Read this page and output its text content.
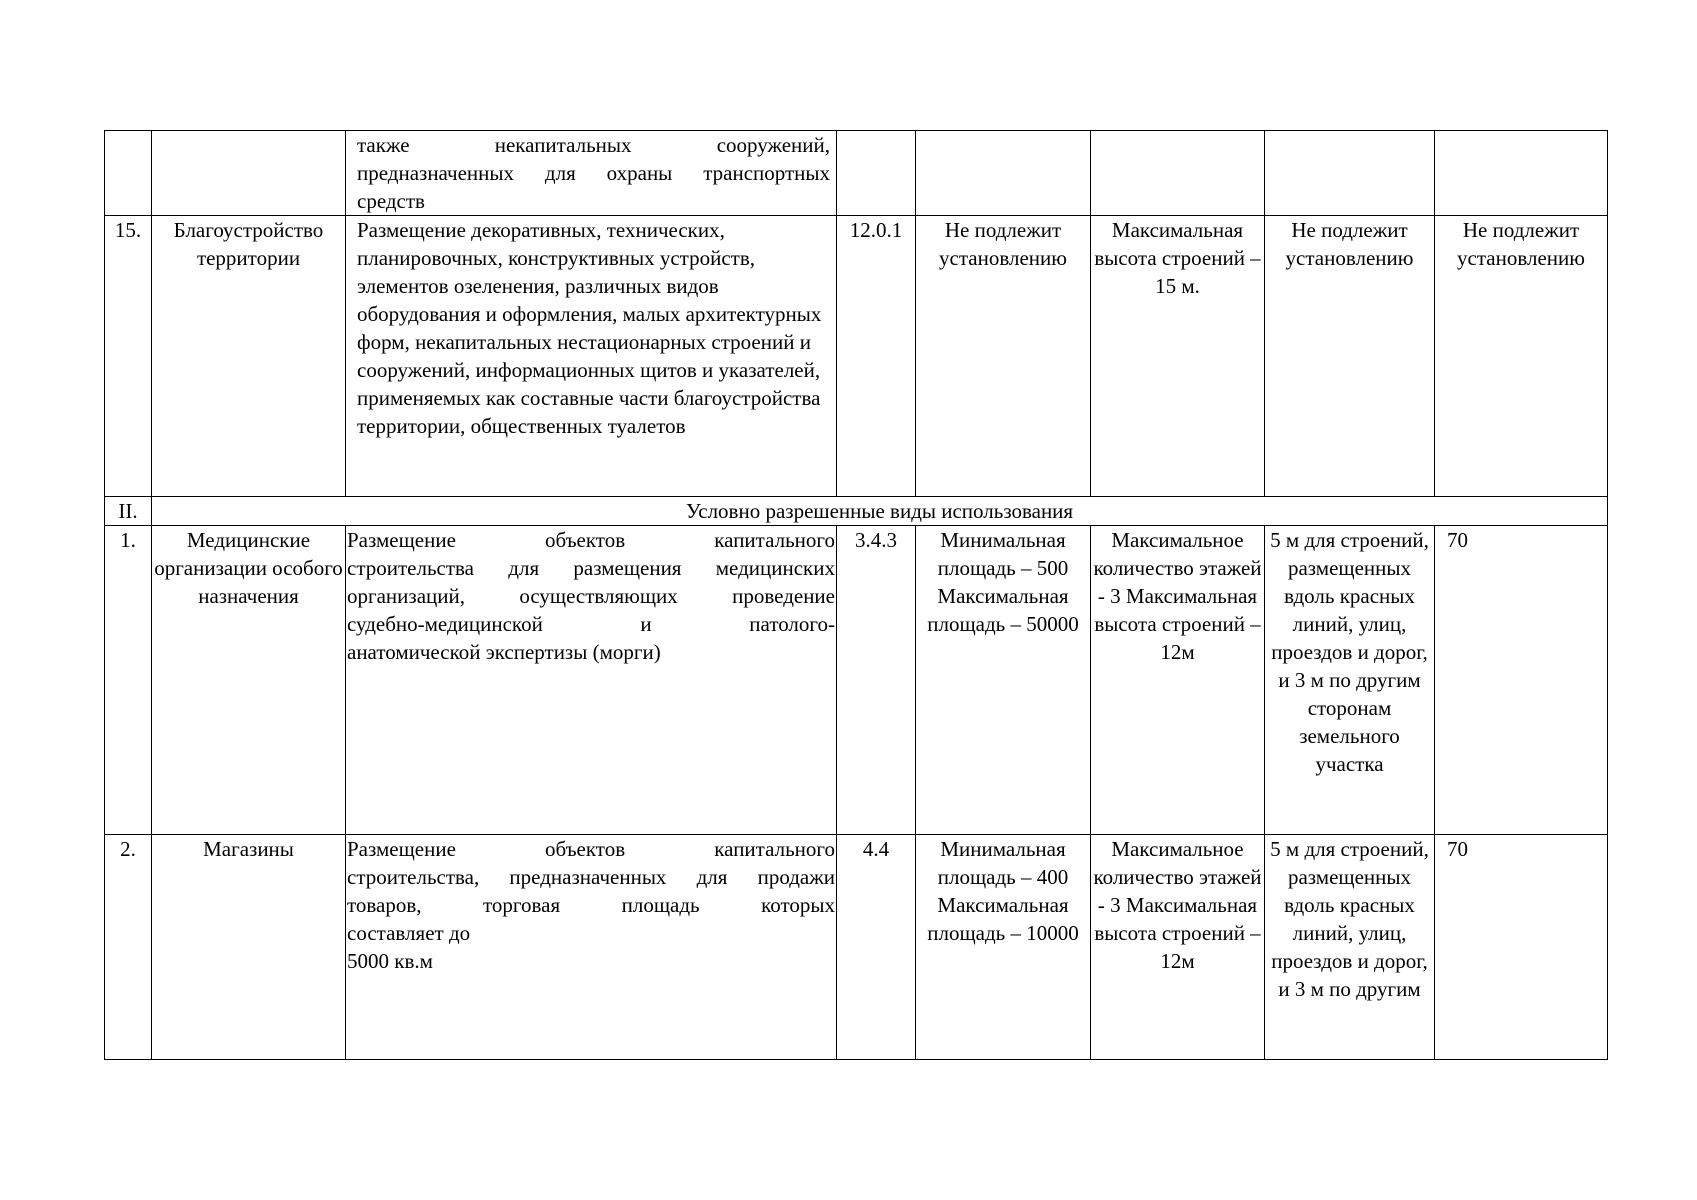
		также некапитальных сооружений,
предназначенных для охраны транспортных
средств					

15.	Благоустройство территории	Размещение декоративных, технических, планировочных, конструктивных устройств, элементов озеленения, различных видов оборудования и оформления, малых архитектурных форм, некапитальных нестационарных строений и сооружений, информационных щитов и указателей, применяемых как составные части благоустройства территории, общественных туалетов	12.0.1	Не подлежит установлению	Максимальная высота строений – 15 м.	Не подлежит установлению	Не подлежит установлению
II.	Условно разрешенные виды использования						
1.	Медицинские организации особого назначения	Размещение объектов капитального
строительства для размещения медицинских
организаций, осуществляющих проведение
судебно-медицинской и патолого-
анатомической экспертизы (морги)	3.4.3	Минимальная площадь – 500 Максимальная площадь – 50000	Максимальное количество этажей - 3 Максимальная высота строений – 12м	5 м для строений, размещенных вдоль красных линий, улиц, проездов и дорог, и 3 м по другим сторонам земельного участка	70
2.	Магазины	Размещение объектов капитального
строительства, предназначенных для продажи
товаров, торговая площадь которых
составляет до
5000 кв.м	4.4	Минимальная площадь – 400 Максимальная площадь – 10000	Максимальное количество этажей - 3 Максимальная высота строений – 12м	5 м для строений, размещенных вдоль красных линий, улиц, проездов и дорог, и 3 м по другим	70
